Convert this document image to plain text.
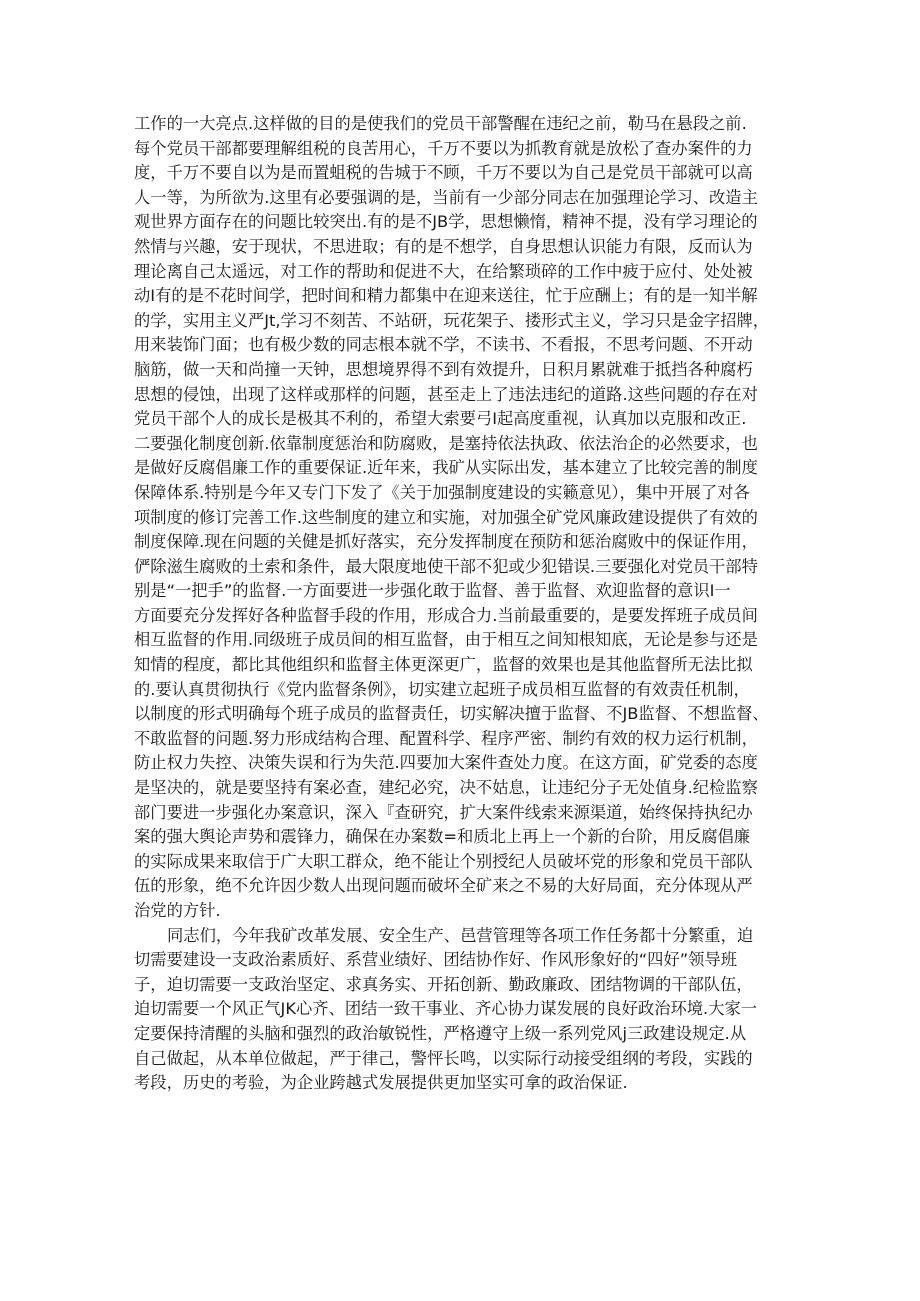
工作的一大亮点.这样做的目的是使我们的党员干部警醒在违纪之前，勒马在悬段之前.
每个党员干部都要理解组税的良苦用心，千万不要以为抓教育就是放松了查办案件的力
度，千万不要自以为是而置蛆税的告城于不顾，千万不要以为自己是党员干部就可以高
人一等，为所欲为.这里有必要强调的是，当前有一少部分同志在加强理论学习、改造主
观世界方面存在的问题比较突出.有的是不JB学，思想懒惰，精神不提，没有学习理论的
然情与兴趣，安于现状，不思进取；有的是不想学，自身思想认识能力有限，反而认为
理论离自己太遥远，对工作的帮助和促进不大，在给繁琐碎的工作中疲于应付、处处被
动I有的是不花时间学，把时间和精力都集中在迎来送往，忙于应酬上；有的是一知半解
的学，实用主义严Jt,学习不刻苦、不站研，玩花架子、搂形式主义，学习只是金字招牌，
用来装饰门面；也有极少数的同志根本就不学，不读书、不看报，不思考问题、不开动
脑筋，做一天和尚撞一天钟，思想境界得不到有效提升，日积月累就难于抵挡各种腐朽
思想的侵蚀，出现了这样或那样的问题，甚至走上了违法违纪的道路.这些问题的存在对
党员干部个人的成长是极其不利的，希望大索要弓I起高度重视，认真加以克服和改正.
二要强化制度创新.依靠制度惩治和防腐败，是塞持依法执政、依法治企的必然要求，也
是做好反腐倡廉工作的重要保证.近年来，我矿从实际出发，基本建立了比较完善的制度
保障体系.特别是今年又专门下发了《关于加强制度建设的实籁意见），集中开展了对各
项制度的修订完善工作.这些制度的建立和实施，对加强全矿党风廉政建设提供了有效的
制度保障.现在问题的关健是抓好落实，充分发挥制度在预防和惩治腐败中的保证作用，
俨除滋生腐败的土索和条件，最大限度地使干部不犯或少犯错误.三要强化对党员干部特
别是“一把手”的监督.一方面要进一步强化敢于监督、善于监督、欢迎监督的意识I一
方面要充分发挥好各种监督手段的作用，形成合力.当前最重要的，是要发挥班子成员间
相互监督的作用.同级班子成员间的相互监督，由于相互之间知根知底，无论是参与还是
知情的程度，都比其他组织和监督主体更深更广，监督的效果也是其他监督所无法比拟
的.要认真贯彻执行《党内监督条例》，切实建立起班子成员相互监督的有效责任机制，
以制度的形式明确每个班子成员的监督责任，切实解决擅于监督、不JB监督、不想监督、
不敢监督的问题.努力形成结构合理、配置科学、程序严密、制约有效的权力运行机制，
防止权力失控、决策失误和行为失范.四要加大案件查处力度。在这方面，矿党委的态度
是坚决的，就是要坚持有案必查，建纪必究，决不姑息，让违纪分子无处值身.纪检监察
部门要进一步强化办案意识，深入『查研究，扩大案件线索来源渠道，始终保持执纪办
案的强大舆论声势和震锋力，确保在办案数=和质北上再上一个新的台阶，用反腐倡廉
的实际成果来取信于广大职工群众，绝不能让个别授纪人员破坏党的形象和党员干部队
伍的形象，绝不允许因少数人出现问题而破坏全矿来之不易的大好局面，充分体现从严
治党的方针.
同志们，今年我矿改革发展、安全生产、邑营管理等各项工作任务都十分繁重，迫
切需要建设一支政治素质好、系营业绩好、团结协作好、作风形象好的“四好”领导班
子，迫切需要一支政治坚定、求真务实、开拓创新、勤政廉政、团结物调的干部队伍，
迫切需要一个风正气JK心齐、团结一致干事业、齐心协力谋发展的良好政治环境.大家一
定要保持清醒的头脑和强烈的政治敏锐性，严格遵守上级一系列党风j三政建设规定.从
自己做起，从本单位做起，严于律己，警怦长鸣，以实际行动接受组纲的考段，实践的
考段，历史的考验，为企业跨越式发展提供更加坚实可拿的政治保证.
